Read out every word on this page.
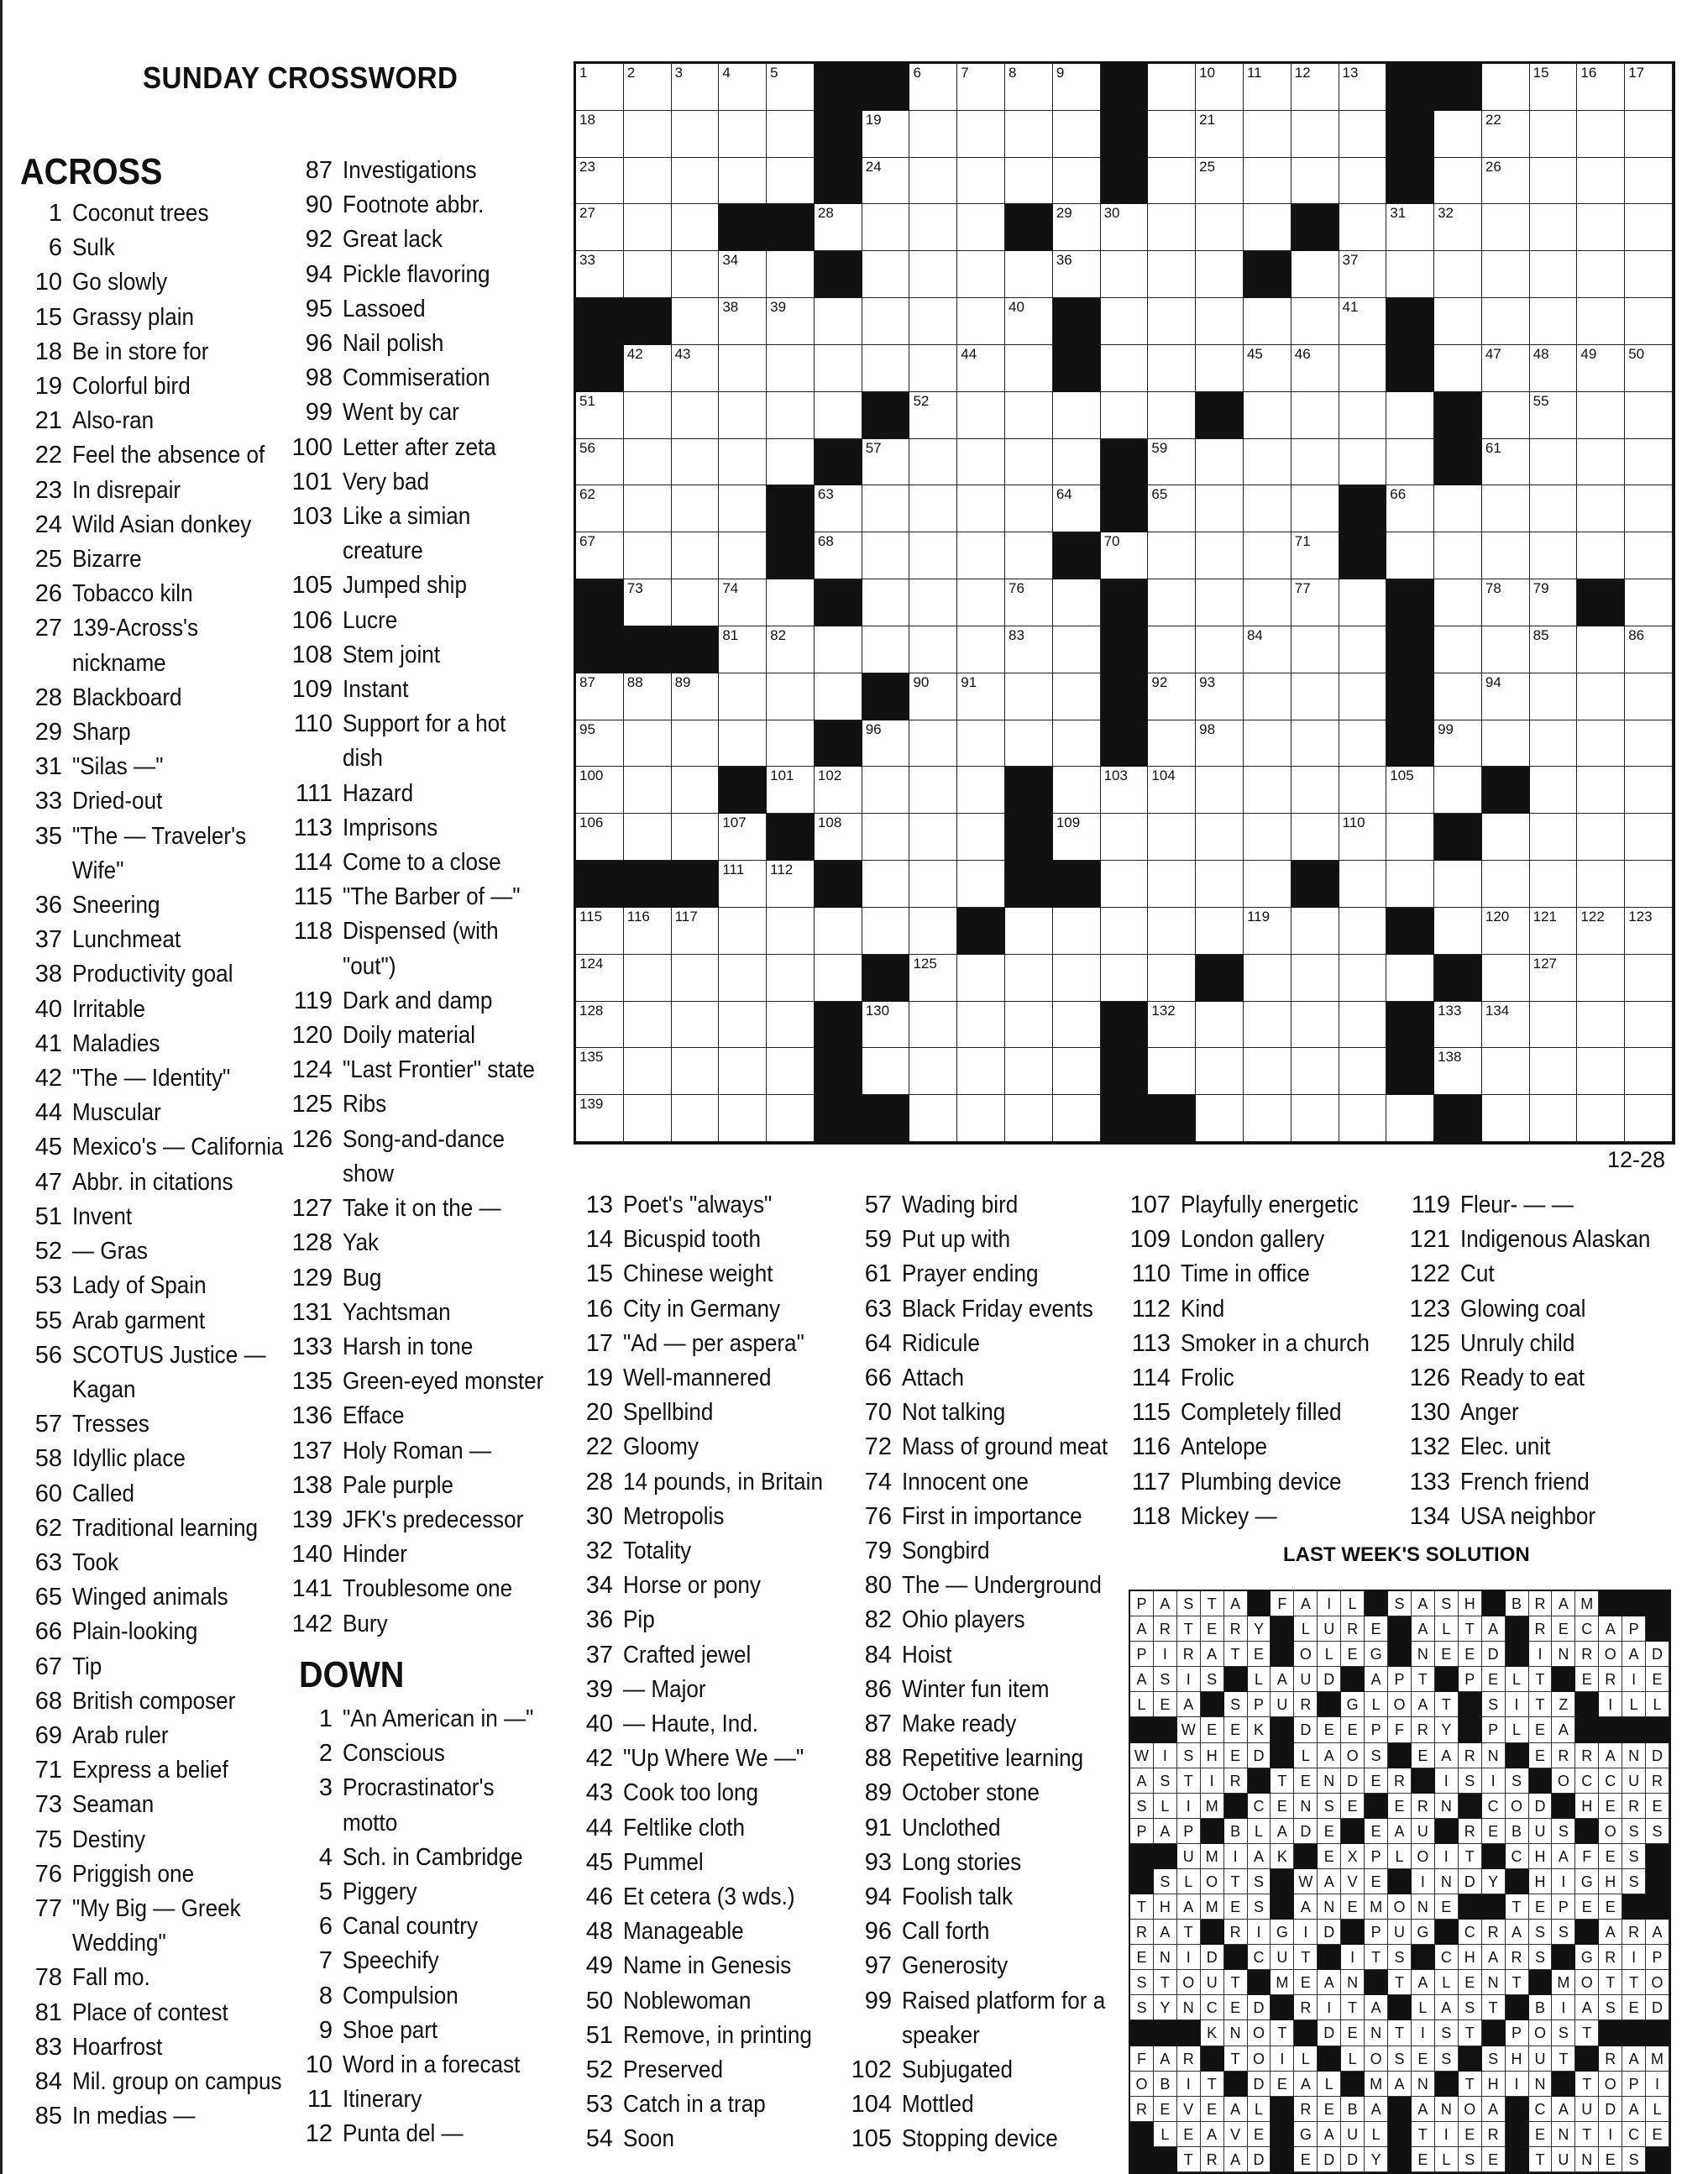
SUNDAY CROSSWORD
ACROSS
1 Coconut trees
6 Sulk
10 Go slowly
15 Grassy plain
18 Be in store for
19 Colorful bird
21 Also-ran
22 Feel the absence of
23 In disrepair
24 Wild Asian donkey
25 Bizarre
26 Tobacco kiln
27 139-Across's
nickname
28 Blackboard
29 Sharp
31 "Silas —"
33 Dried-out
35 "The — Traveler's
Wife"
36 Sneering
37 Lunchmeat
38 Productivity goal
40 Irritable
41 Maladies
42 "The — Identity"
44 Muscular
45 Mexico's — California
47 Abbr. in citations
51 Invent
52 — Gras
53 Lady of Spain
55 Arab garment
56 SCOTUS Justice —
Kagan
57 Tresses
58 Idyllic place
60 Called
62 Traditional learning
63 Took
65 Winged animals
66 Plain-looking
67 Tip
68 British composer
69 Arab ruler
71 Express a belief
73 Seaman
75 Destiny
76 Priggish one
77 "My Big — Greek
Wedding"
78 Fall mo.
81 Place of contest
83 Hoarfrost
84 Mil. group on campus
85 In medias —
87 Investigations
90 Footnote abbr.
92 Great lack
94 Pickle flavoring
95 Lassoed
96 Nail polish
98 Commiseration
99 Went by car
100 Letter after zeta
101 Very bad
103 Like a simian
creature
105 Jumped ship
106 Lucre
108 Stem joint
109 Instant
110 Support for a hot
dish
111 Hazard
113 Imprisons
114 Come to a close
115 "The Barber of —"
118 Dispensed (with
"out")
119 Dark and damp
120 Doily material
124 "Last Frontier" state
125 Ribs
126 Song-and-dance
show
127 Take it on the —
128 Yak
129 Bug
131 Yachtsman
133 Harsh in tone
135 Green-eyed monster
136 Efface
137 Holy Roman —
138 Pale purple
139 JFK's predecessor
140 Hinder
141 Troublesome one
142 Bury
DOWN
1 "An American in —"
2 Conscious
3 Procrastinator's
motto
4 Sch. in Cambridge
5 Piggery
6 Canal country
7 Speechify
8 Compulsion
9 Shoe part
10 Word in a forecast
11 Itinerary
12 Punta del —
13 Poet's "always"
14 Bicuspid tooth
15 Chinese weight
16 City in Germany
17 "Ad — per aspera"
19 Well-mannered
20 Spellbind
22 Gloomy
28 14 pounds, in Britain
30 Metropolis
32 Totality
34 Horse or pony
36 Pip
37 Crafted jewel
39 — Major
40 — Haute, Ind.
42 "Up Where We —"
43 Cook too long
44 Feltlike cloth
45 Pummel
46 Et cetera (3 wds.)
48 Manageable
49 Name in Genesis
50 Noblewoman
51 Remove, in printing
52 Preserved
53 Catch in a trap
54 Soon
57 Wading bird
59 Put up with
61 Prayer ending
63 Black Friday events
64 Ridicule
66 Attach
70 Not talking
72 Mass of ground meat
74 Innocent one
76 First in importance
79 Songbird
80 The — Underground
82 Ohio players
84 Hoist
86 Winter fun item
87 Make ready
88 Repetitive learning
89 October stone
91 Unclothed
93 Long stories
94 Foolish talk
96 Call forth
97 Generosity
99 Raised platform for a
speaker
102 Subjugated
104 Mottled
105 Stopping device
107 Playfully energetic
109 London gallery
110 Time in office
112 Kind
113 Smoker in a church
114 Frolic
115 Completely filled
116 Antelope
117 Plumbing device
118 Mickey —
119 Fleur- — —
121 Indigenous Alaskan
122 Cut
123 Glowing coal
125 Unruly child
126 Ready to eat
130 Anger
132 Elec. unit
133 French friend
134 USA neighbor
1	2	3	4	5	6	7	8	9	10 11 12 13	15 16 17
18	19	21	22
23	24	25	26
27	28	29 30	31 32
33	34	36	37
38 39	40	41
42 43	44	45 46	47 48 49 50
51	52	55
56	57	59	61
62	63	64	65	66
67	68	70	71
73	74	76	77	78 79
81 82	83	84	85	86
87 88 89	90 91	92 93	94
95	96	98	99
100	101 102	103 104	105
106	107	108	109	110
111 112
115 116 117	119	120 121 122 123
124	125	127
128	130	132	133 134
135	138
139
12-28
LAST WEEK'S SOLUTION
P A S T A	F A	I	L	S A S H	B R A M
A R T E R Y	L U R E	A L T A	R E C A P
P	I	R A T E	O L E G	N E E D	I	N R O A D
A S	I	S	L A U D	A P T	P E L T	E R	I	E
L E A	S P U R	G L O A T	S	I	T Z	I	L L
W E E K	D E E P F R Y	P L E A
W I	S H E D	L A O S	E A R N	E R R A N D
A S T	I	R	T E N D E R	I	S	I	S	O C C U R
S L	I M	C E N S E	E R N	C O D	H E R E
P A P	B L A D E	E A U	R E B U S	O S S
U M I	A K	E X P L O	I	T	C H A F E S
S L O T S	W A V E	I	N D Y	H	I	G H S
T H A M E S	A N E M O N E	T E P E E
R A T	R	I	G	I	D	P U G	C R A S S	A R A
E N	I	D	C U T	I	T S	C H A R S	G R	I	P
S T O U T	M E A N	T A L E N T	M O T T O
S Y N C E D	R	I	T A	L A S T	B	I	A S E D
K N O T	D E N T	I	S T	P O S T
F A R	T O	I	L	L O S E S	S H U T	R A M
O B	I	T	D E A L	M A N	T H	I	N	T O P	I
R E V E A L	R E B A	A N O A	C A U D A L
L E A V E	G A U L	T	I	E R	E N T	I	C E
T R A D	E D D Y	E L S E	T U N E S
